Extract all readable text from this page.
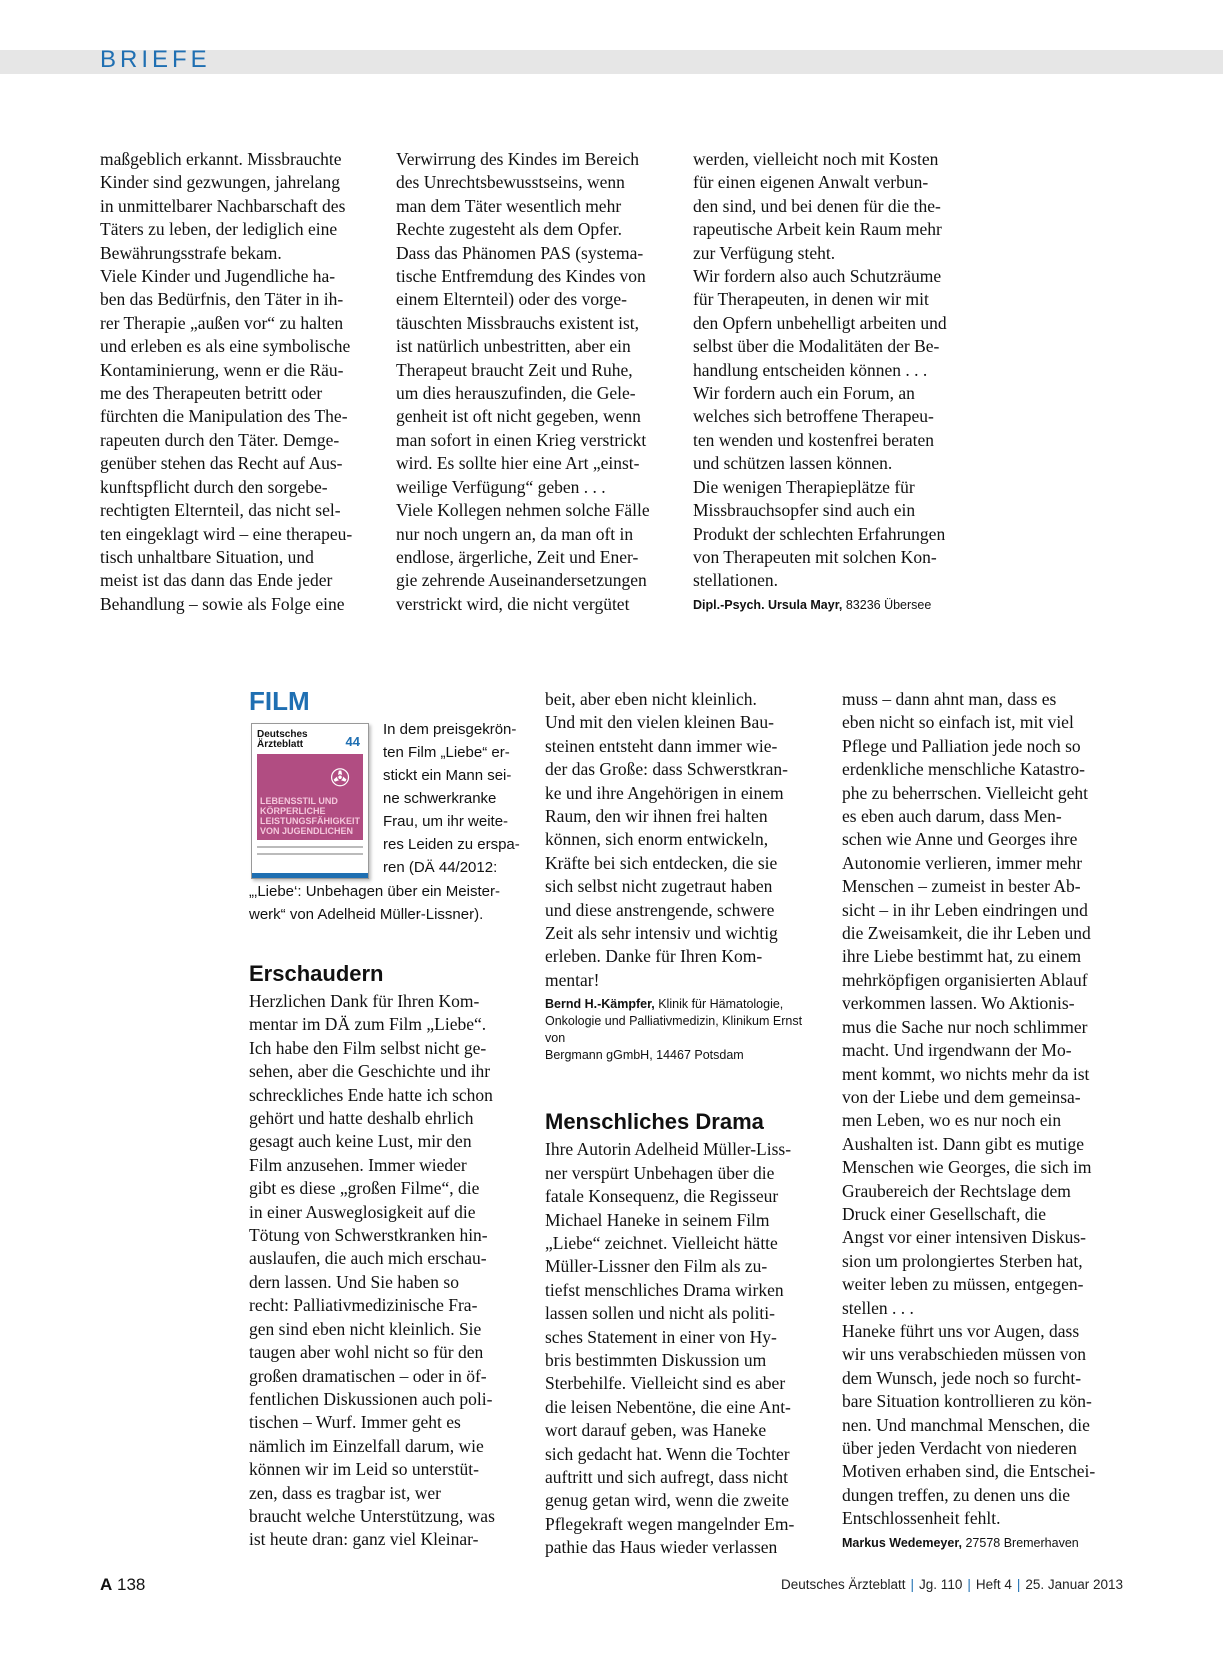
BRIEFE
maßgeblich erkannt. Missbrauchte
Kinder sind gezwungen, jahrelang
in unmittelbarer Nachbarschaft des
Täters zu leben, der lediglich eine
Bewährungsstrafe bekam.
Viele Kinder und Jugendliche ha-
ben das Bedürfnis, den Täter in ih-
rer Therapie „außen vor“ zu halten
und erleben es als eine symbolische
Kontaminierung, wenn er die Räu-
me des Therapeuten betritt oder
fürchten die Manipulation des The-
rapeuten durch den Täter. Demge-
genüber stehen das Recht auf Aus-
kunftspflicht durch den sorgebe-
rechtigten Elternteil, das nicht sel-
ten eingeklagt wird – eine therapeu-
tisch unhaltbare Situation, und
meist ist das dann das Ende jeder
Behandlung – sowie als Folge eine
Verwirrung des Kindes im Bereich
des Unrechtsbewusstseins, wenn
man dem Täter wesentlich mehr
Rechte zugesteht als dem Opfer.
Dass das Phänomen PAS (systema-
tische Entfremdung des Kindes von
einem Elternteil) oder des vorge-
täuschten Missbrauchs existent ist,
ist natürlich unbestritten, aber ein
Therapeut braucht Zeit und Ruhe,
um dies herauszufinden, die Gele-
genheit ist oft nicht gegeben, wenn
man sofort in einen Krieg verstrickt
wird. Es sollte hier eine Art „einst-
weilige Verfügung“ geben . . .
Viele Kollegen nehmen solche Fälle
nur noch ungern an, da man oft in
endlose, ärgerliche, Zeit und Ener-
gie zehrende Auseinandersetzungen
verstrickt wird, die nicht vergütet
werden, vielleicht noch mit Kosten
für einen eigenen Anwalt verbun-
den sind, und bei denen für die the-
rapeutische Arbeit kein Raum mehr
zur Verfügung steht.
Wir fordern also auch Schutzräume
für Therapeuten, in denen wir mit
den Opfern unbehelligt arbeiten und
selbst über die Modalitäten der Be-
handlung entscheiden können . . .
Wir fordern auch ein Forum, an
welches sich betroffene Therapeu-
ten wenden und kostenfrei beraten
und schützen lassen können.
Die wenigen Therapieplätze für
Missbrauchsopfer sind auch ein
Produkt der schlechten Erfahrungen
von Therapeuten mit solchen Kon-
stellationen.
Dipl.-Psych. Ursula Mayr, 83236 Übersee
FILM
Deutsches
Ärzteblatt	44
✇
LEBENSSTIL UND KÖRPERLICHE LEISTUNGSFÄHIGKEIT VON JUGENDLICHEN
In dem preisgekrön-
ten Film „Liebe“ er-
stickt ein Mann sei-
ne schwerkranke
Frau, um ihr weite-
res Leiden zu erspa-
ren (DÄ 44/2012:
„‚Liebe‘: Unbehagen über ein Meister-
werk“ von Adelheid Müller-Lissner).
Erschaudern
Herzlichen Dank für Ihren Kom-
mentar im DÄ zum Film „Liebe“.
Ich habe den Film selbst nicht ge-
sehen, aber die Geschichte und ihr
schreckliches Ende hatte ich schon
gehört und hatte deshalb ehrlich
gesagt auch keine Lust, mir den
Film anzusehen. Immer wieder
gibt es diese „großen Filme“, die
in einer Ausweglosigkeit auf die
Tötung von Schwerstkranken hin-
auslaufen, die auch mich erschau-
dern lassen. Und Sie haben so
recht: Palliativmedizinische Fra-
gen sind eben nicht kleinlich. Sie
taugen aber wohl nicht so für den
großen dramatischen – oder in öf-
fentlichen Diskussionen auch poli-
tischen – Wurf. Immer geht es
nämlich im Einzelfall darum, wie
können wir im Leid so unterstüt-
zen, dass es tragbar ist, wer
braucht welche Unterstützung, was
ist heute dran: ganz viel Kleinar-
beit, aber eben nicht kleinlich.
Und mit den vielen kleinen Bau-
steinen entsteht dann immer wie-
der das Große: dass Schwerstkran-
ke und ihre Angehörigen in einem
Raum, den wir ihnen frei halten
können, sich enorm entwickeln,
Kräfte bei sich entdecken, die sie
sich selbst nicht zugetraut haben
und diese anstrengende, schwere
Zeit als sehr intensiv und wichtig
erleben. Danke für Ihren Kom-
mentar!
Bernd H.-Kämpfer, Klinik für Hämatologie,
Onkologie und Palliativmedizin, Klinikum Ernst von
Bergmann gGmbH, 14467 Potsdam
Menschliches Drama
Ihre Autorin Adelheid Müller-Liss-
ner verspürt Unbehagen über die
fatale Konsequenz, die Regisseur
Michael Haneke in seinem Film
„Liebe“ zeichnet. Vielleicht hätte
Müller-Lissner den Film als zu-
tiefst menschliches Drama wirken
lassen sollen und nicht als politi-
sches Statement in einer von Hy-
bris bestimmten Diskussion um
Sterbehilfe. Vielleicht sind es aber
die leisen Nebentöne, die eine Ant-
wort darauf geben, was Haneke
sich gedacht hat. Wenn die Tochter
auftritt und sich aufregt, dass nicht
genug getan wird, wenn die zweite
Pflegekraft wegen mangelnder Em-
pathie das Haus wieder verlassen
muss – dann ahnt man, dass es
eben nicht so einfach ist, mit viel
Pflege und Palliation jede noch so
erdenkliche menschliche Katastro-
phe zu beherrschen. Vielleicht geht
es eben auch darum, dass Men-
schen wie Anne und Georges ihre
Autonomie verlieren, immer mehr
Menschen – zumeist in bester Ab-
sicht – in ihr Leben eindringen und
die Zweisamkeit, die ihr Leben und
ihre Liebe bestimmt hat, zu einem
mehrköpfigen organisierten Ablauf
verkommen lassen. Wo Aktionis-
mus die Sache nur noch schlimmer
macht. Und irgendwann der Mo-
ment kommt, wo nichts mehr da ist
von der Liebe und dem gemeinsa-
men Leben, wo es nur noch ein
Aushalten ist. Dann gibt es mutige
Menschen wie Georges, die sich im
Graubereich der Rechtslage dem
Druck einer Gesellschaft, die
Angst vor einer intensiven Diskus-
sion um prolongiertes Sterben hat,
weiter leben zu müssen, entgegen-
stellen . . .
Haneke führt uns vor Augen, dass
wir uns verabschieden müssen von
dem Wunsch, jede noch so furcht-
bare Situation kontrollieren zu kön-
nen. Und manchmal Menschen, die
über jeden Verdacht von niederen
Motiven erhaben sind, die Entschei-
dungen treffen, zu denen uns die
Entschlossenheit fehlt.
Markus Wedemeyer, 27578 Bremerhaven
A 138	Deutsches Ärzteblatt | Jg. 110 | Heft 4 | 25. Januar 2013
